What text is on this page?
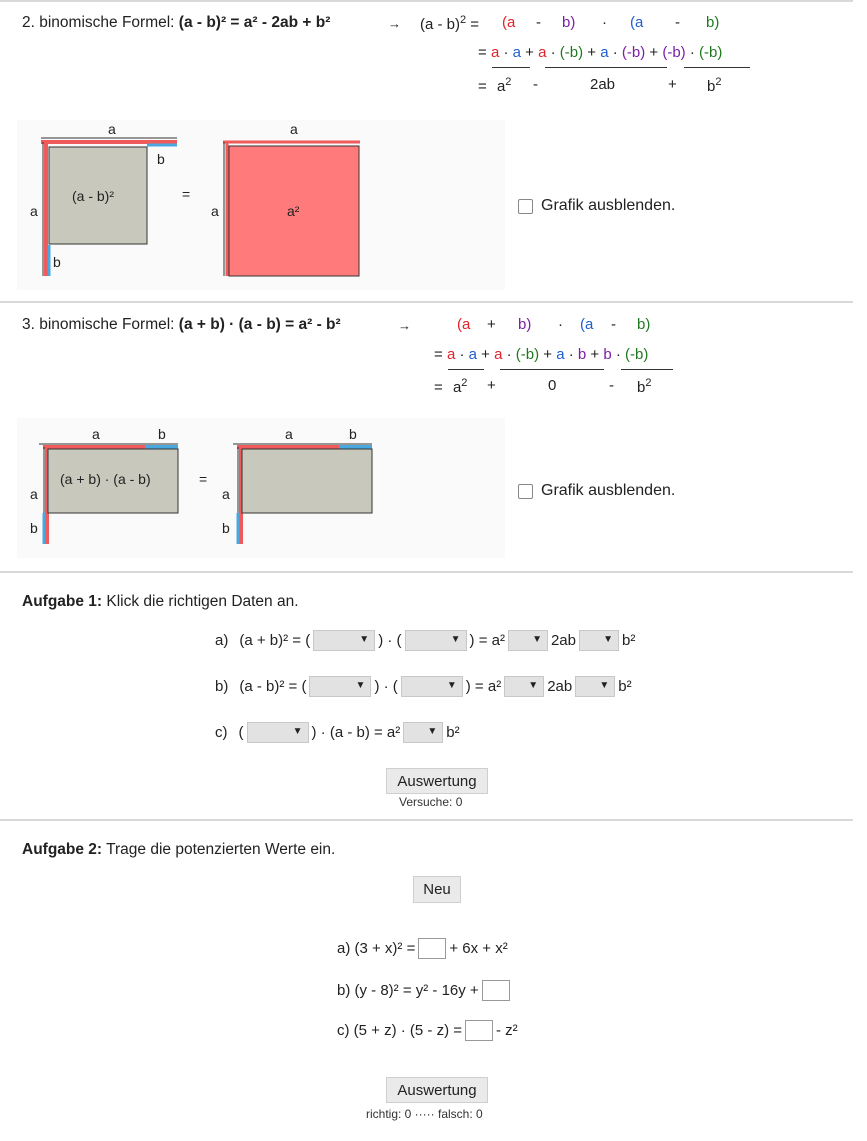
2. binomische Formel: (a - b)² = a² - 2ab + b²	→ (a - b)$^2$ = (a - b) · (a - b)
= a · a + a · (-b) + a · (-b) + (-b) · (-b)
= $a^2$ -	2ab	+ $b^2$
a
b
a
b
(a - b)²	=
a
a	a²	Grafik ausblenden.
3. binomische Formel: (a + b) · (a - b) = a² - b²	→	(a + b) · (a - b)
= a · a + a · (-b) + a · b + b · (-b)
= $a^2$ +	0	- $b^2$
a	b
a
b
(a + b) · (a - b)	=
a	b
a
b
Grafik ausblenden.
Aufgabe 1: Klick die richtigen Daten an.
a) (a + b)² = (	▼ ) · (	▼ ) = a²	▼ 2ab	▼ b²
b) (a - b)² = (	▼ ) · (	▼ ) = a²	▼ 2ab	▼ b²
c) (	▼ ) · (a - b) = a²	▼ b²
Auswertung
Versuche: 0
Aufgabe 2: Trage die potenzierten Werte ein.
Neu
a) (3 + x)² = + 6x + x²
b) (y - 8)² = y² - 16y +
c) (5 + z) · (5 - z) = - z²
Auswertung
richtig: 0 ····· falsch: 0
